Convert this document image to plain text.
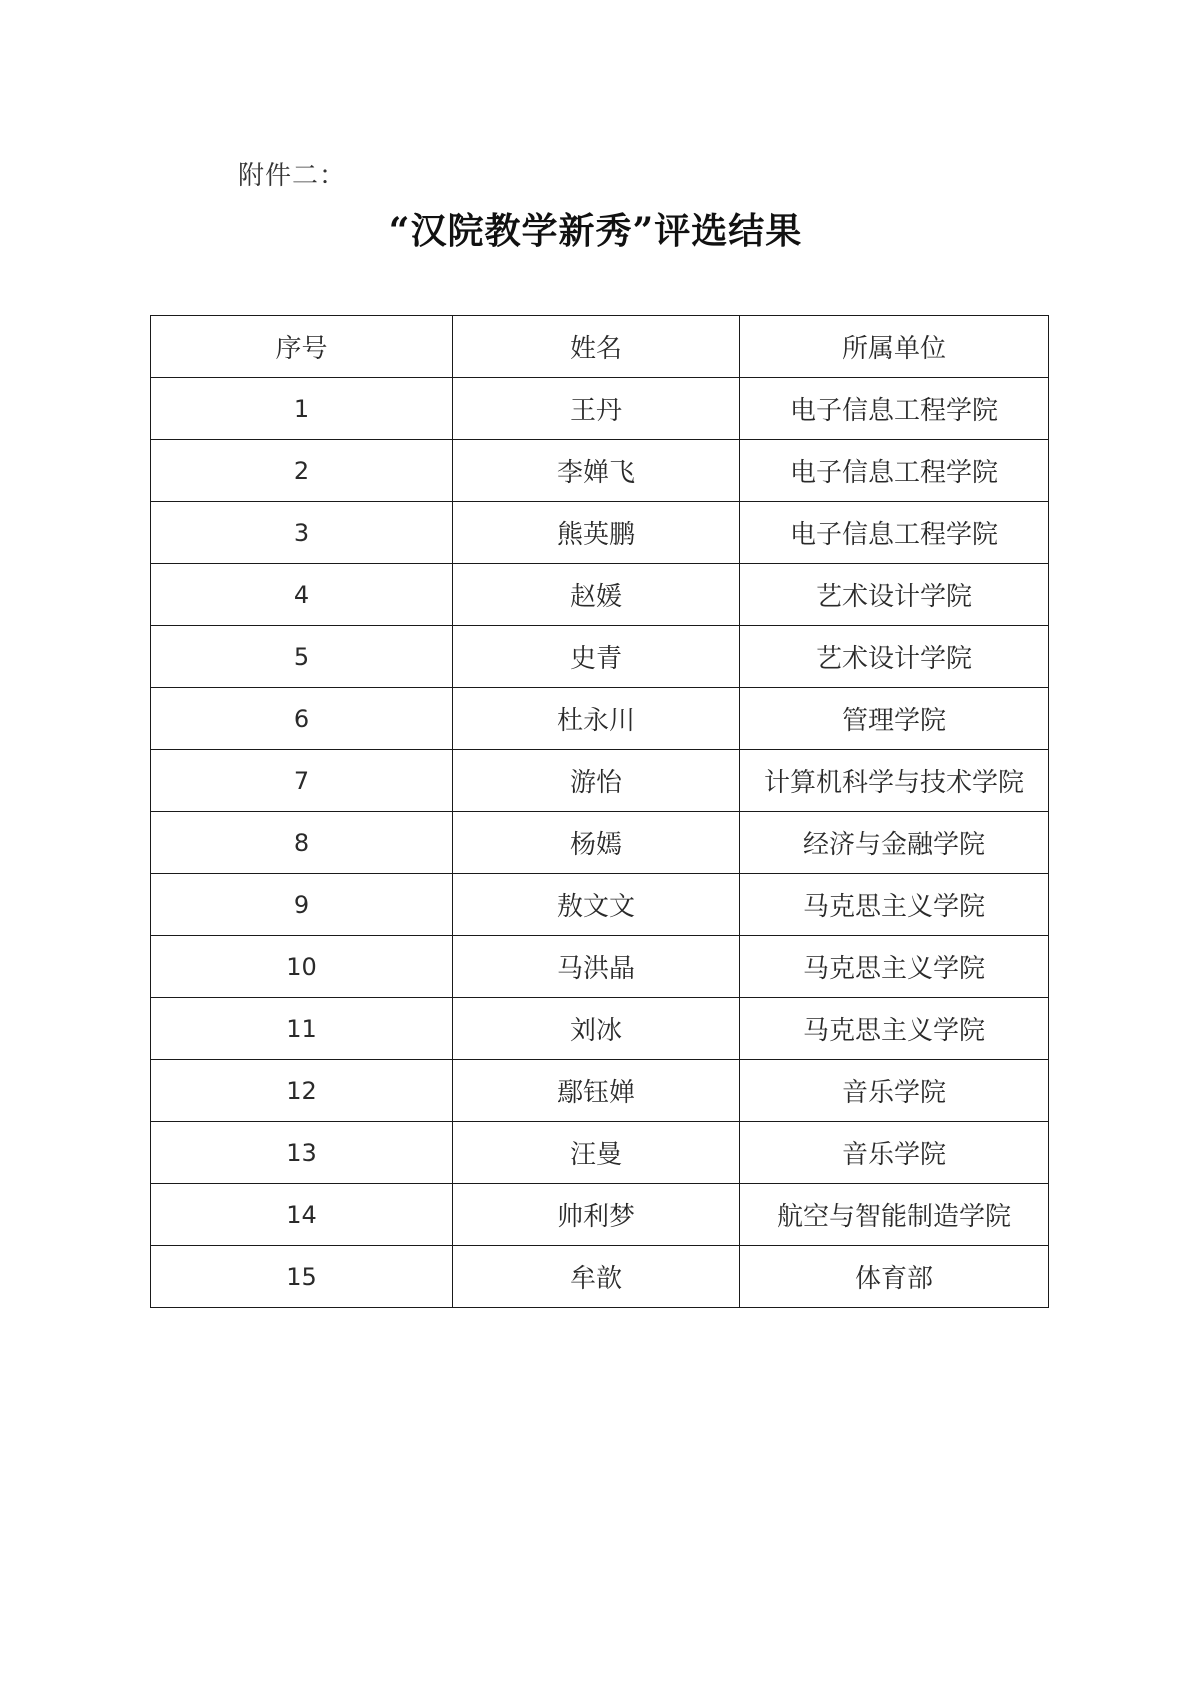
附件二：
“汉院教学新秀”评选结果
序号	姓名	所属单位
1	王丹	电子信息工程学院
2	李婵飞	电子信息工程学院
3	熊英鹏	电子信息工程学院
4	赵媛	艺术设计学院
5	史青	艺术设计学院
6	杜永川	管理学院
7	游怡	计算机科学与技术学院
8	杨嫣	经济与金融学院
9	敖文文	马克思主义学院
10	马洪晶	马克思主义学院
11	刘冰	马克思主义学院
12	鄢钰婵	音乐学院
13	汪曼	音乐学院
14	帅利梦	航空与智能制造学院
15	牟歆	体育部
